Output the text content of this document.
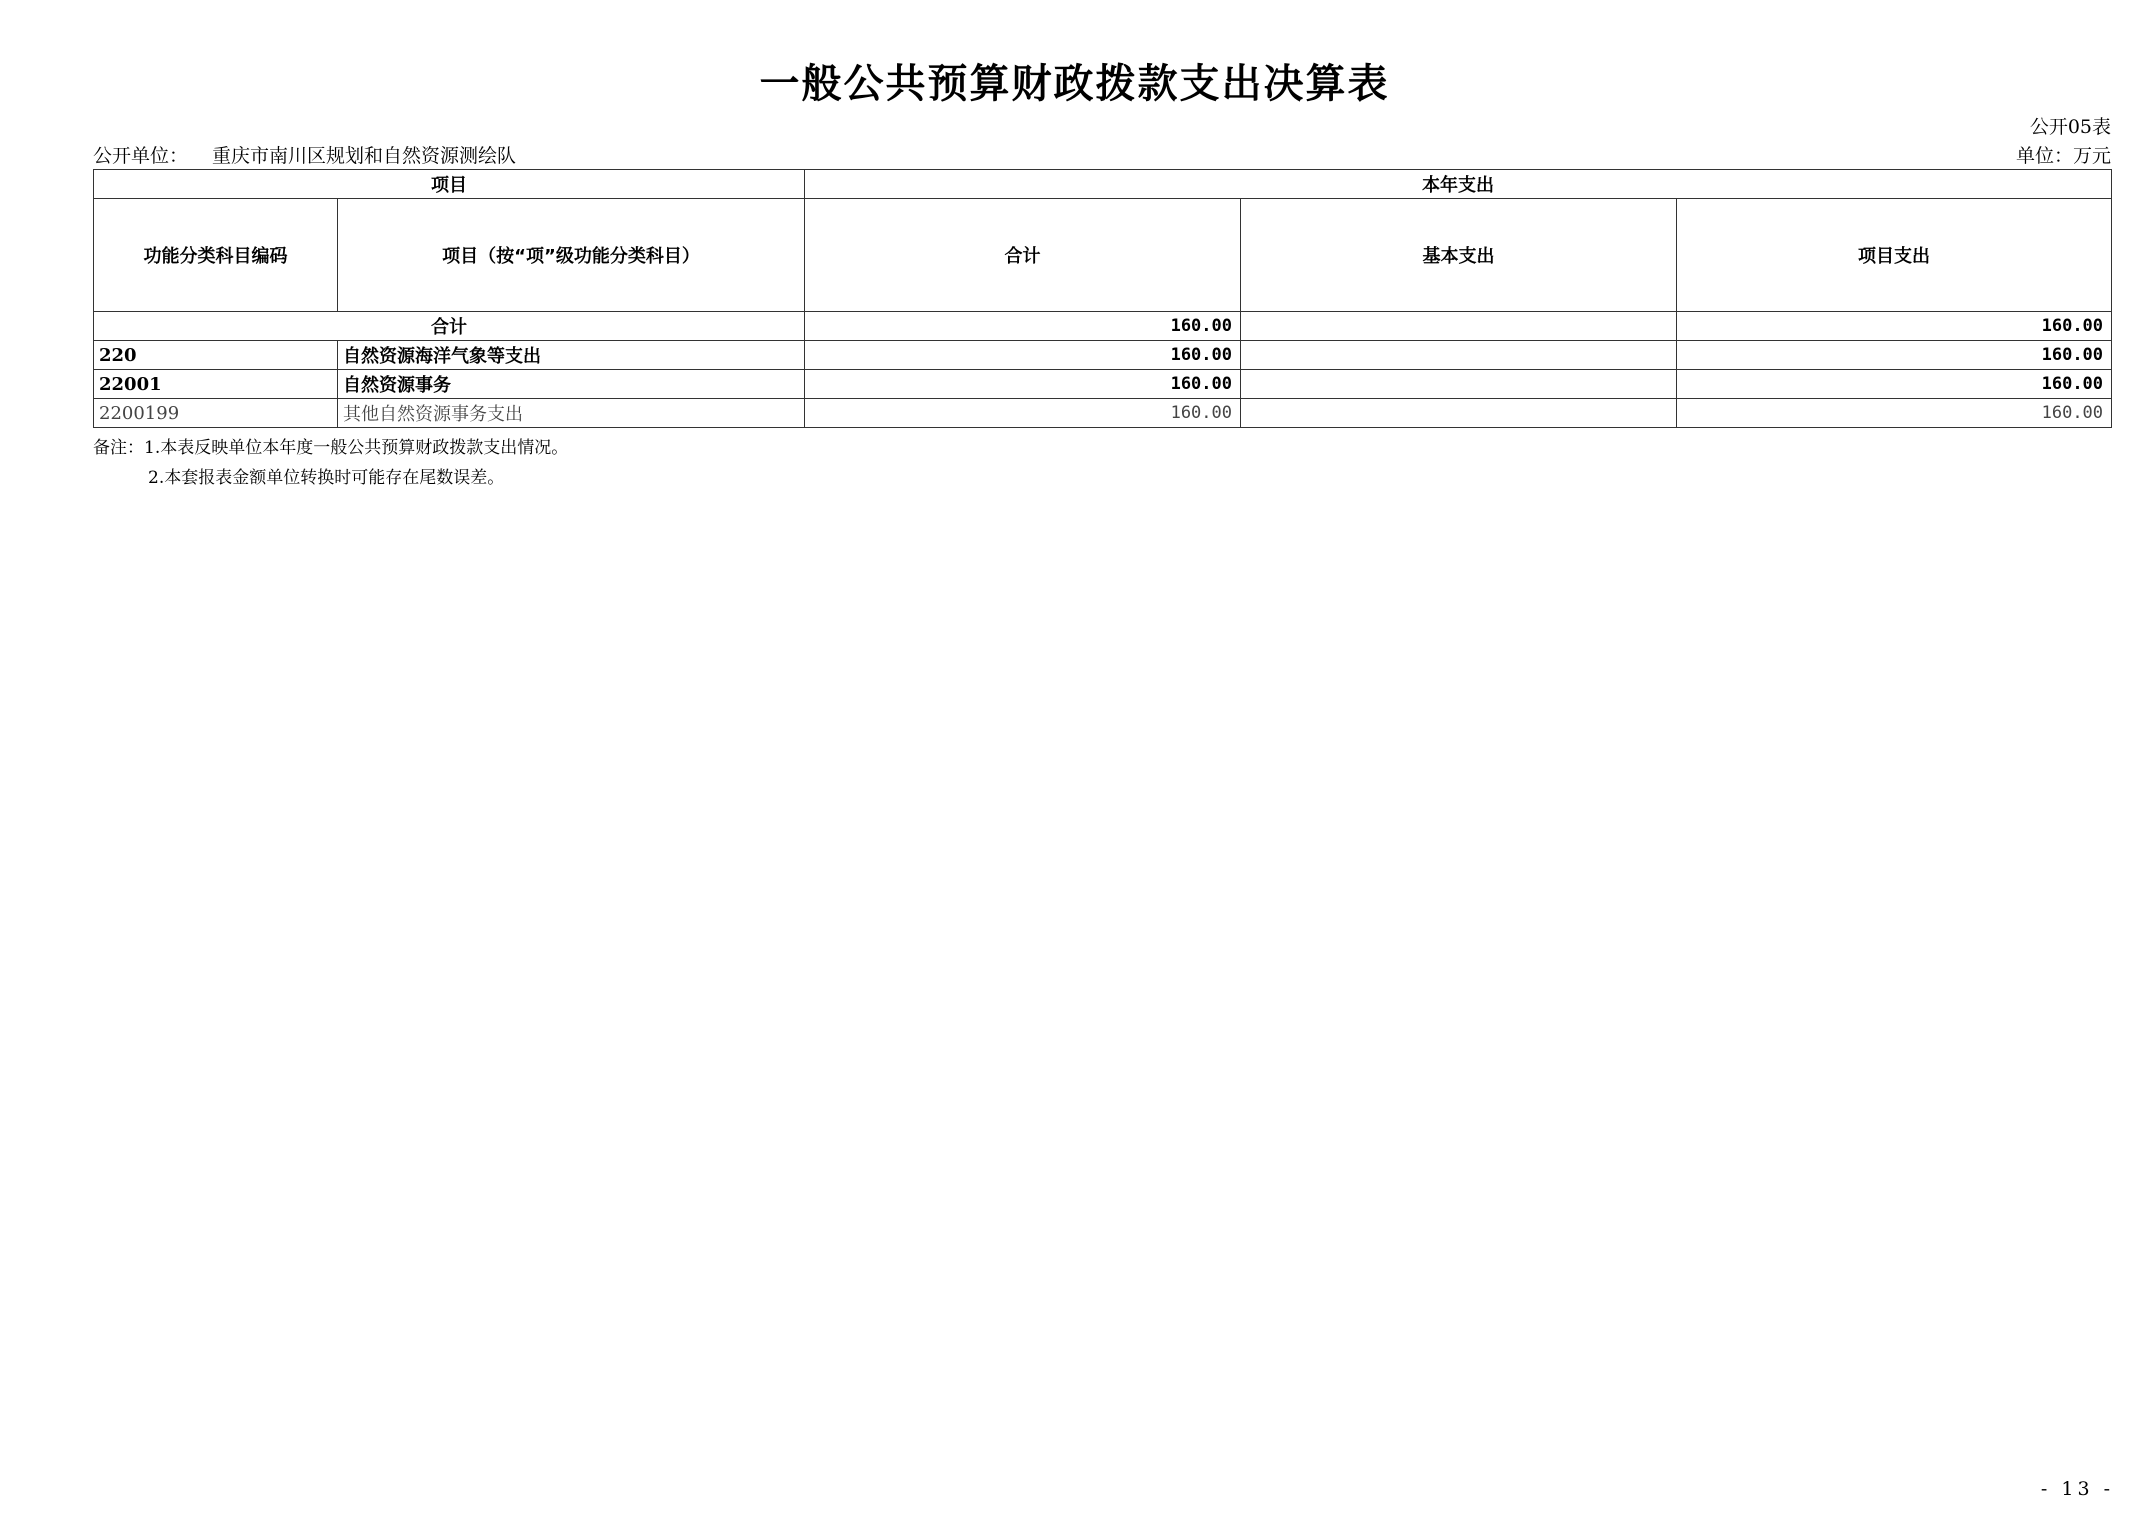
一般公共预算财政拨款支出决算表
公开05表
公开单位： 重庆市南川区规划和自然资源测绘队	单位：万元
项目		本年支出		
功能分类科目编码	项目（按“项”级功能分类科目）	合计	基本支出	项目支出
合计		160.00		160.00
220	自然资源海洋气象等支出	160.00		160.00
22001	自然资源事务	160.00		160.00
2200199	其他自然资源事务支出	160.00		160.00
备注：1.本表反映单位本年度一般公共预算财政拨款支出情况。
2.本套报表金额单位转换时可能存在尾数误差。
- 13 -
